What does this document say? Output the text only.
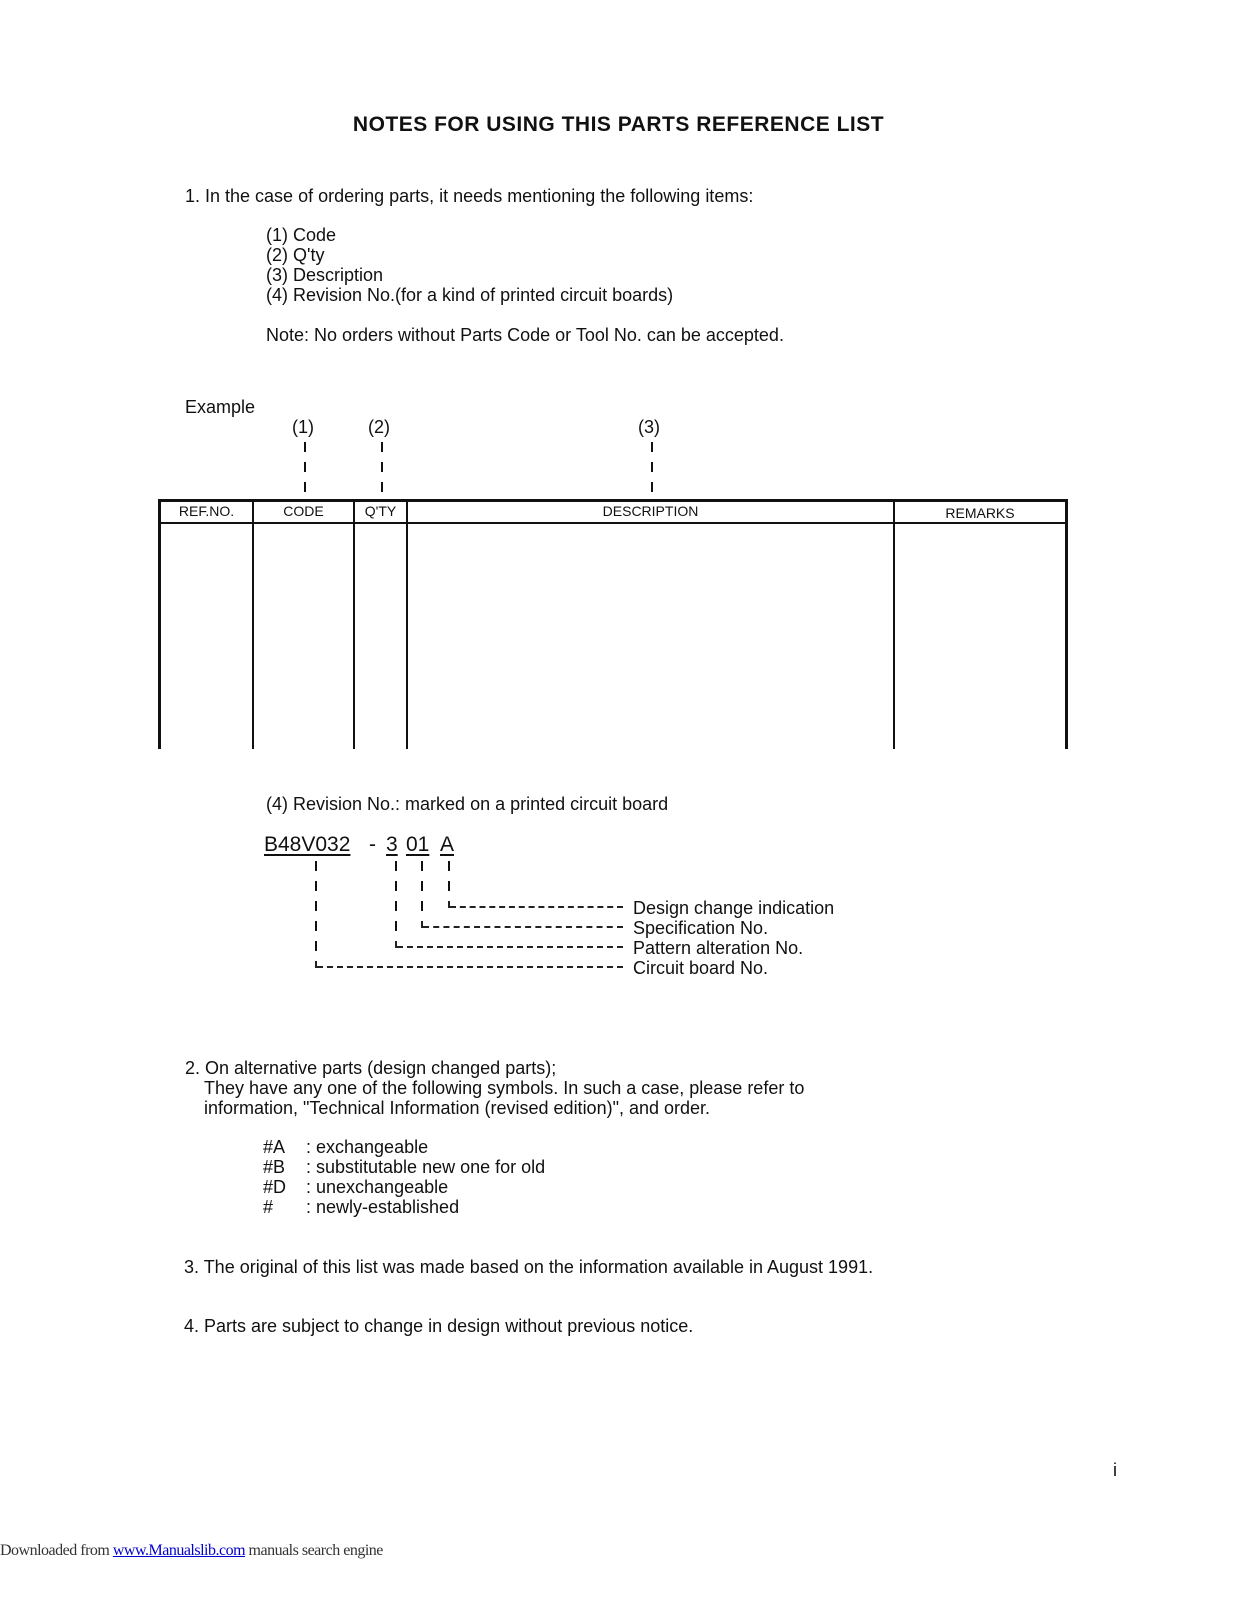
NOTES FOR USING THIS PARTS REFERENCE LIST
1. In the case of ordering parts, it needs mentioning the following items:
(1) Code
(2) Q'ty
(3) Description
(4) Revision No.(for a kind of printed circuit boards)
Note: No orders without Parts Code or Tool No. can be accepted.
Example
(1)	(2)	(3)
REF.NO.	CODE	Q'TY	DESCRIPTION	REMARKS
(4) Revision No.: marked on a printed circuit board
B48V032 - 3 01 A
Design change indication
Specification No.
Pattern alteration No.
Circuit board No.
2. On alternative parts (design changed parts);
They have any one of the following symbols. In such a case, please refer to
information, "Technical Information (revised edition)", and order.
#A : exchangeable
#B : substitutable new one for old
#D : unexchangeable
# : newly-established
3. The original of this list was made based on the information available in August 1991.
4. Parts are subject to change in design without previous notice.
i
Downloaded from www.Manualslib.com manuals search engine
